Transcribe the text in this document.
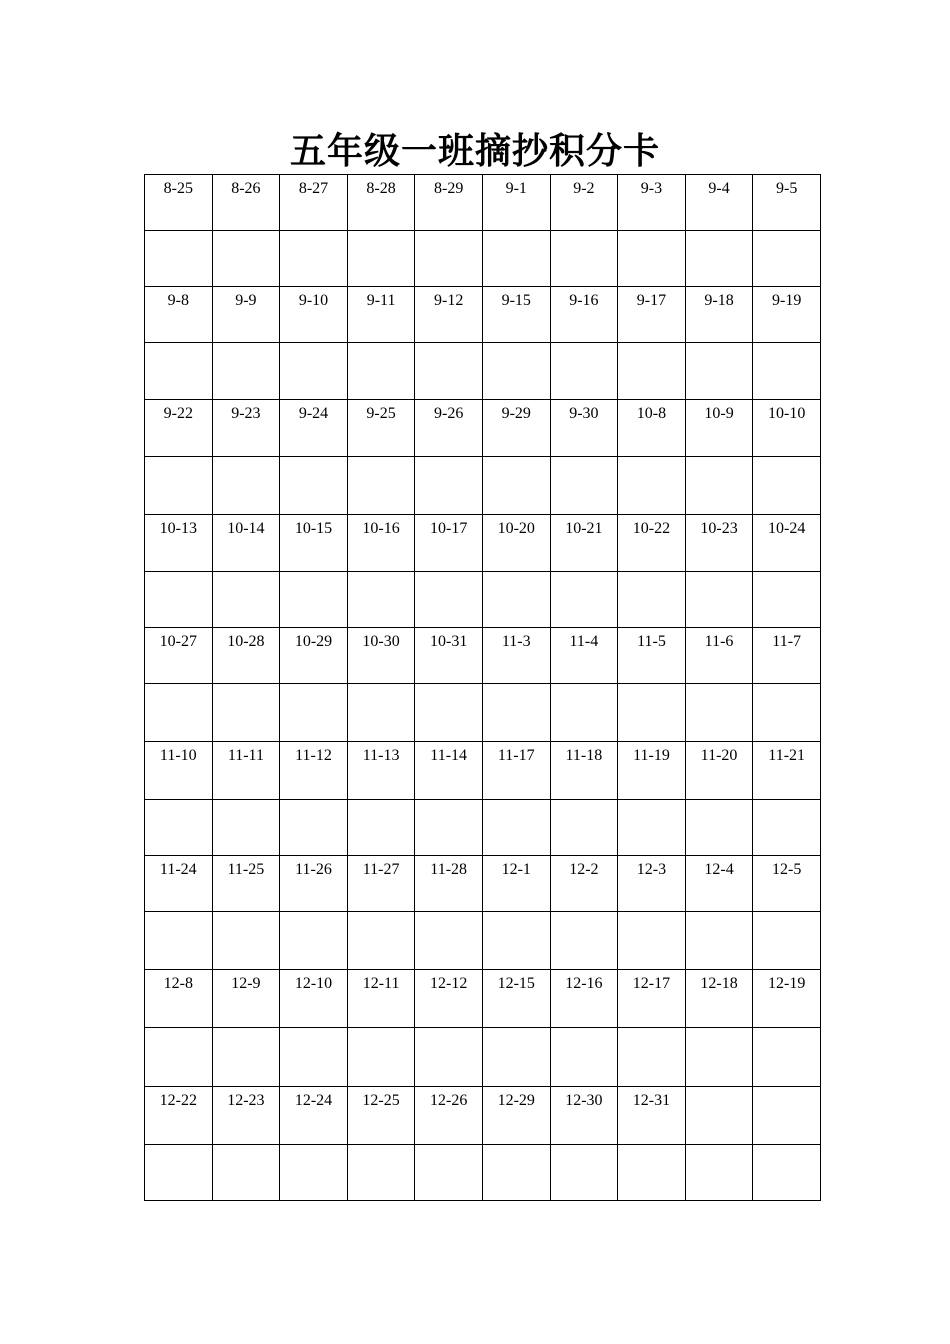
五年级一班摘抄积分卡
8-25	8-26	8-27	8-28	8-29	9-1	9-2	9-3	9-4	9-5

9-8	9-9	9-10	9-11	9-12	9-15	9-16	9-17	9-18	9-19

9-22	9-23	9-24	9-25	9-26	9-29	9-30	10-8	10-9	10-10

10-13	10-14	10-15	10-16	10-17	10-20	10-21	10-22	10-23	10-24

10-27	10-28	10-29	10-30	10-31	11-3	11-4	11-5	11-6	11-7

11-10	11-11	11-12	11-13	11-14	11-17	11-18	11-19	11-20	11-21

11-24	11-25	11-26	11-27	11-28	12-1	12-2	12-3	12-4	12-5

12-8	12-9	12-10	12-11	12-12	12-15	12-16	12-17	12-18	12-19

12-22	12-23	12-24	12-25	12-26	12-29	12-30	12-31		
